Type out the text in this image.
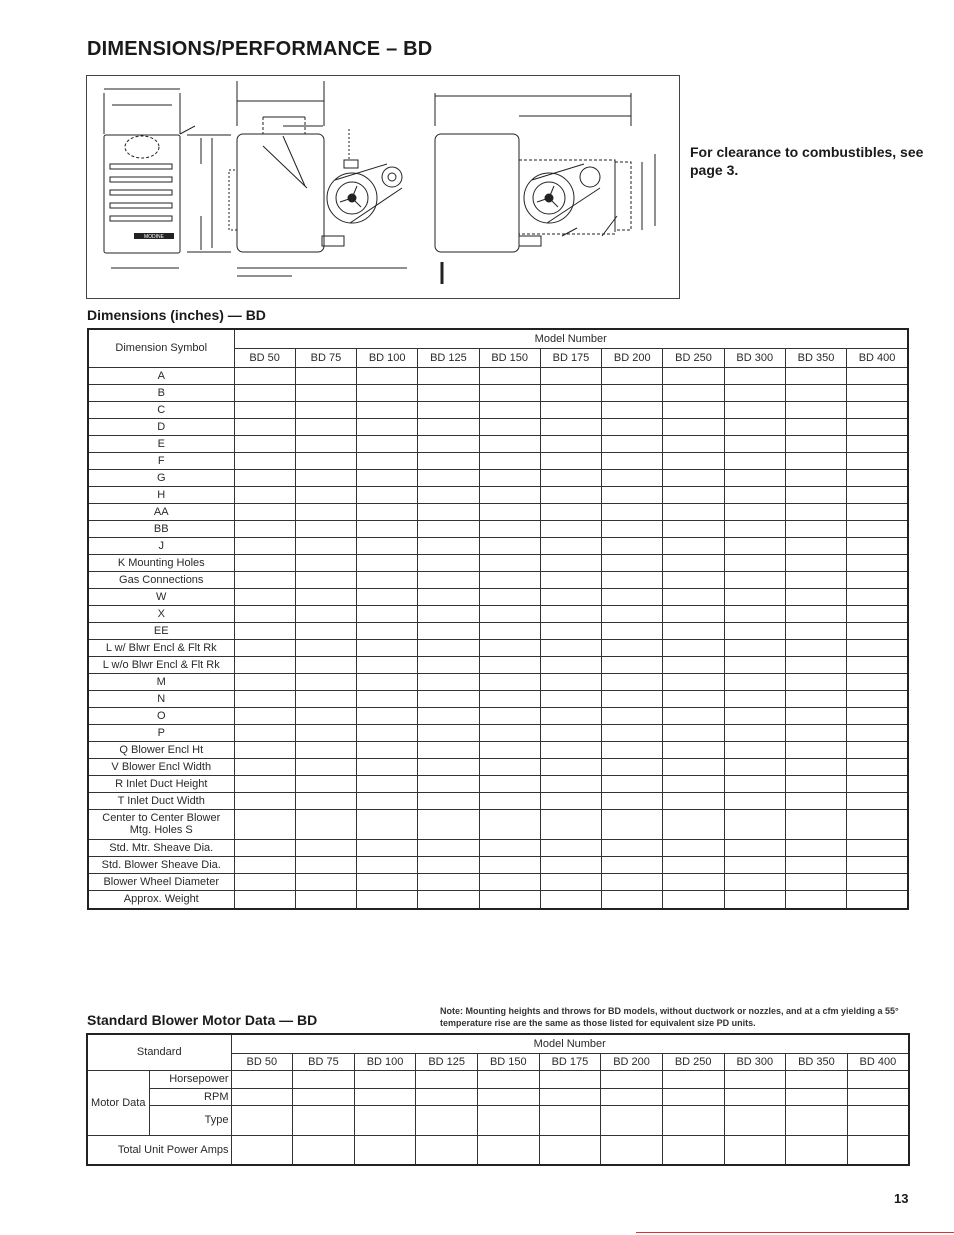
DIMENSIONS/PERFORMANCE – BD
MODINE
For clearance to combustibles, see page 3.
Dimensions (inches) — BD
Dimension Symbol	Model Number										
	BD 50	BD 75	BD 100	BD 125	BD 150	BD 175	BD 200	BD 250	BD 300	BD 350	BD 400
A											
B											
C											
D											
E											
F											
G											
H											
AA											
BB											
J											
K Mounting Holes											
Gas Connections											
W											
X											
EE											
L w/ Blwr Encl & Flt Rk											
L w/o Blwr Encl & Flt Rk											
M											
N											
O											
P											
Q Blower Encl Ht											
V Blower Encl Width											
R Inlet Duct Height											
T Inlet Duct Width											
Center to Center Blower Mtg. Holes S											
Std. Mtr. Sheave Dia.											
Std. Blower Sheave Dia.											
Blower Wheel Diameter											
Approx. Weight											
Note: Mounting heights and throws for BD models, without ductwork or nozzles, and at a cfm yielding a 55° temperature rise are the same as those listed for equivalent size PD units.
Standard Blower Motor Data — BD
Standard		Model Number										
		BD 50	BD 75	BD 100	BD 125	BD 150	BD 175	BD 200	BD 250	BD 300	BD 350	BD 400
Motor Data	Horsepower											
	RPM											
	Type											
Total Unit Power Amps												
13
